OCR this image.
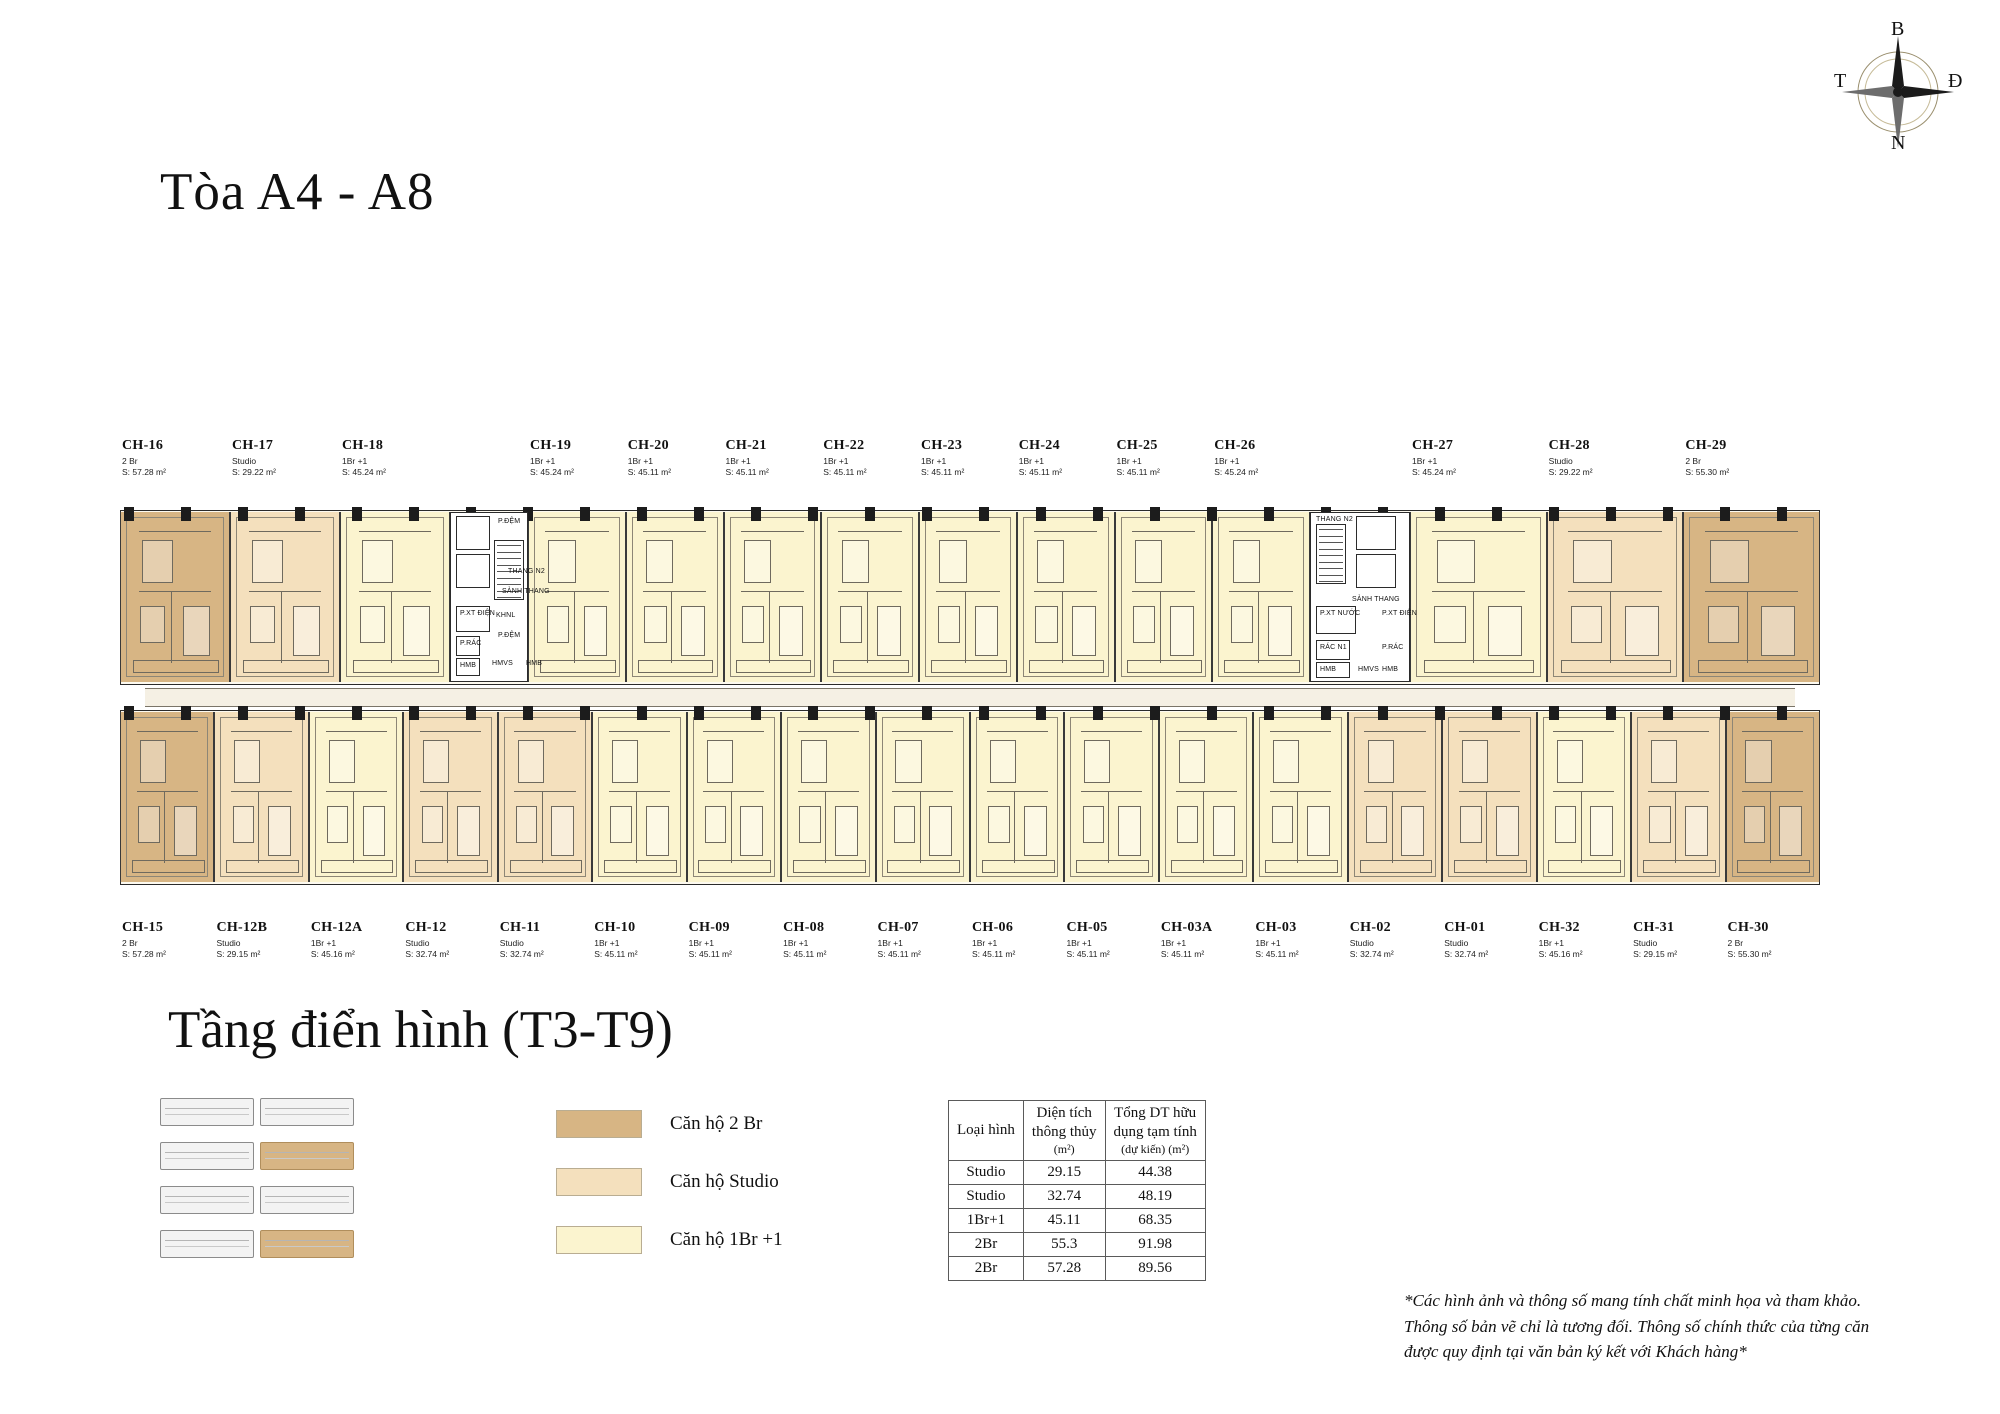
B
Đ
N
T
Tòa A4 - A8
Tầng điển hình (T3-T9)
CH-16
2 Br
S: 57.28 m²
CH-17
Studio
S: 29.22 m²
CH-18
1Br +1
S: 45.24 m²
CH-19
1Br +1
S: 45.24 m²
CH-20
1Br +1
S: 45.11 m²
CH-21
1Br +1
S: 45.11 m²
CH-22
1Br +1
S: 45.11 m²
CH-23
1Br +1
S: 45.11 m²
CH-24
1Br +1
S: 45.11 m²
CH-25
1Br +1
S: 45.11 m²
CH-26
1Br +1
S: 45.24 m²
CH-27
1Br +1
S: 45.24 m²
CH-28
Studio
S: 29.22 m²
CH-29
2 Br
S: 55.30 m²
THANG N2
SẢNH THANG
P.XT ĐIỆN
P.RÁC
HMB
KHNL
P.ĐỆM
HMVS HMB
P.ĐỆM	THANG N2
SẢNH THANG
P.XT NƯỚC
RÁC N1
HMB	HMVS
P.RÁC
HMB
P.XT ĐIỆN
CH-15
2 Br
S: 57.28 m²
CH-12B
Studio
S: 29.15 m²
CH-12A
1Br +1
S: 45.16 m²
CH-12
Studio
S: 32.74 m²
CH-11
Studio
S: 32.74 m²
CH-10
1Br +1
S: 45.11 m²
CH-09
1Br +1
S: 45.11 m²
CH-08
1Br +1
S: 45.11 m²
CH-07
1Br +1
S: 45.11 m²
CH-06
1Br +1
S: 45.11 m²
CH-05
1Br +1
S: 45.11 m²
CH-03A
1Br +1
S: 45.11 m²
CH-03
1Br +1
S: 45.11 m²
CH-02
Studio
S: 32.74 m²
CH-01
Studio
S: 32.74 m²
CH-32
1Br +1
S: 45.16 m²
CH-31
Studio
S: 29.15 m²
CH-30
2 Br
S: 55.30 m²
Căn hộ 2 Br
Căn hộ Studio
Căn hộ 1Br +1
Loại hình	
Diện tích
thông thủy
(m²)

Tổng DT hữu
dụng tạm tính
(dự kiến) (m²)

Studio	29.15	44.38
Studio	32.74	48.19
1Br+1	45.11	68.35
2Br	55.3	91.98
2Br	57.28	89.56
*Các hình ảnh và thông số mang tính chất minh họa và tham khảo. Thông số bản vẽ chỉ là tương đối. Thông số chính thức của từng căn được quy định tại văn bản ký kết với Khách hàng*
